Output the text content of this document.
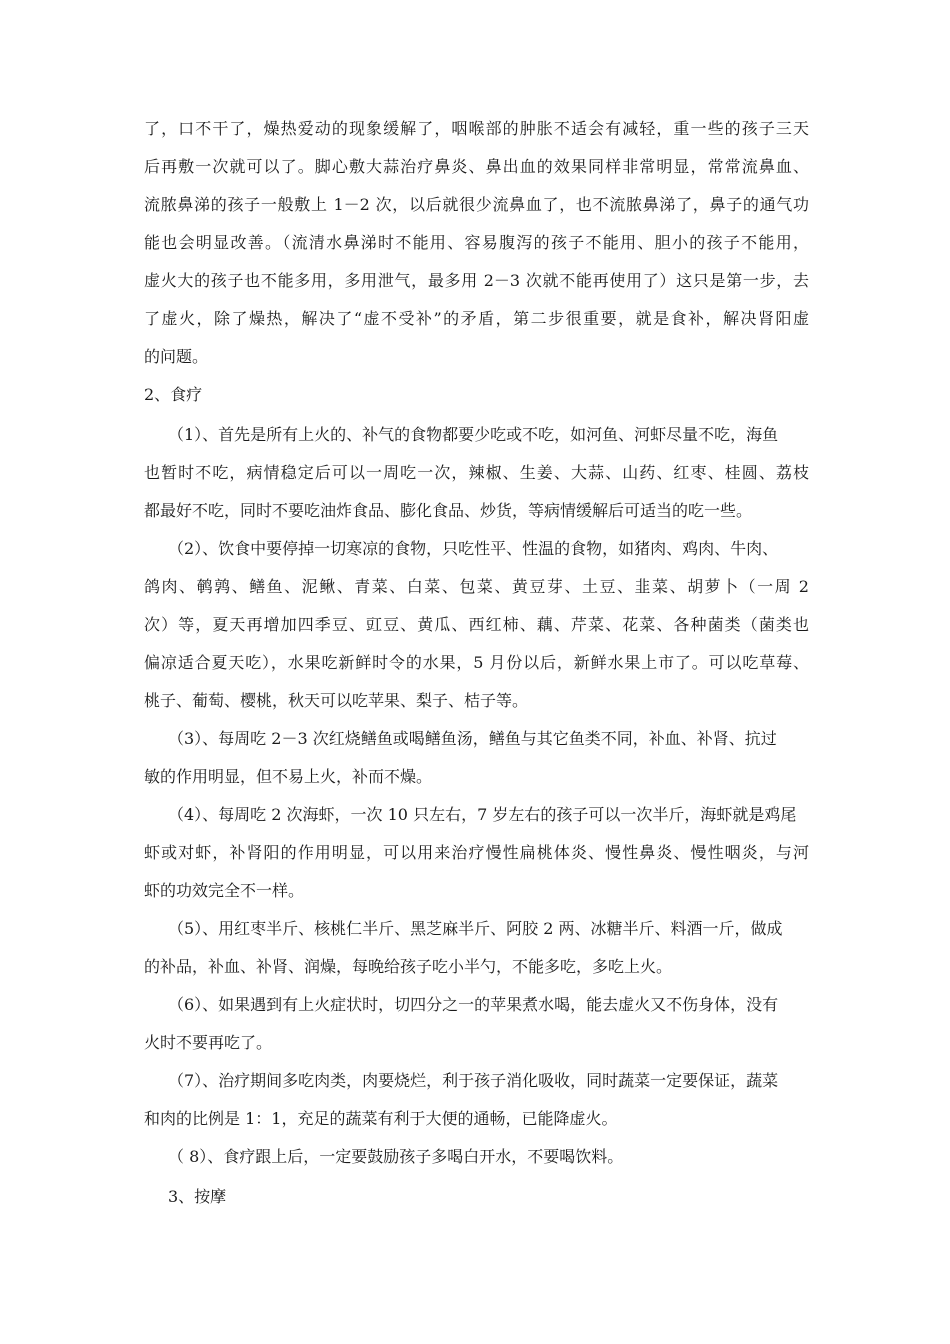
了，口不干了，燥热爱动的现象缓解了，咽喉部的肿胀不适会有减轻，重一些的孩子三天
后再敷一次就可以了。脚心敷大蒜治疗鼻炎、鼻出血的效果同样非常明显，常常流鼻血、
流脓鼻涕的孩子一般敷上 1－2 次，以后就很少流鼻血了，也不流脓鼻涕了，鼻子的通气功
能也会明显改善。（流清水鼻涕时不能用、容易腹泻的孩子不能用、胆小的孩子不能用，
虚火大的孩子也不能多用，多用泄气，最多用 2－3 次就不能再使用了）这只是第一步，去
了虚火，除了燥热，解决了“虚不受补”的矛盾，第二步很重要，就是食补，解决肾阳虚
的问题。
2、食疗
（1）、首先是所有上火的、补气的食物都要少吃或不吃，如河鱼、河虾尽量不吃，海鱼
也暂时不吃，病情稳定后可以一周吃一次，辣椒、生姜、大蒜、山药、红枣、桂圆、荔枝
都最好不吃，同时不要吃油炸食品、膨化食品、炒货，等病情缓解后可适当的吃一些。
（2）、饮食中要停掉一切寒凉的食物，只吃性平、性温的食物，如猪肉、鸡肉、牛肉、
鸽肉、鹌鹑、鳝鱼、泥鳅、青菜、白菜、包菜、黄豆芽、土豆、韭菜、胡萝卜（一周 2
次）等，夏天再增加四季豆、豇豆、黄瓜、西红柿、藕、芹菜、花菜、各种菌类（菌类也
偏凉适合夏天吃），水果吃新鲜时令的水果，5 月份以后，新鲜水果上市了。可以吃草莓、
桃子、葡萄、樱桃，秋天可以吃苹果、梨子、桔子等。
（3）、每周吃 2－3 次红烧鳝鱼或喝鳝鱼汤，鳝鱼与其它鱼类不同，补血、补肾、抗过
敏的作用明显，但不易上火，补而不燥。
（4）、每周吃 2 次海虾，一次 10 只左右，7 岁左右的孩子可以一次半斤，海虾就是鸡尾
虾或对虾，补肾阳的作用明显，可以用来治疗慢性扁桃体炎、慢性鼻炎、慢性咽炎，与河
虾的功效完全不一样。
（5）、用红枣半斤、核桃仁半斤、黑芝麻半斤、阿胶 2 两、冰糖半斤、料酒一斤，做成
的补品，补血、补肾、润燥，每晚给孩子吃小半勺，不能多吃，多吃上火。
（6）、如果遇到有上火症状时，切四分之一的苹果煮水喝，能去虚火又不伤身体，没有
火时不要再吃了。
（7）、治疗期间多吃肉类，肉要烧烂，利于孩子消化吸收，同时蔬菜一定要保证，蔬菜
和肉的比例是 1：1，充足的蔬菜有利于大便的通畅，已能降虚火。
（ 8）、食疗跟上后，一定要鼓励孩子多喝白开水，不要喝饮料。
3、按摩
